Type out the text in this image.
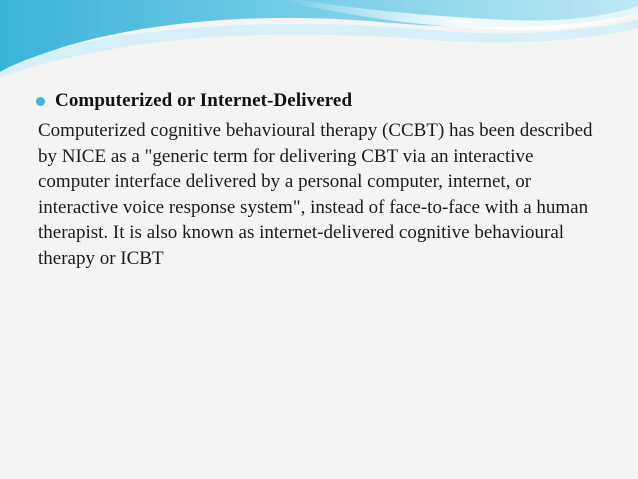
Computerized or Internet-Delivered

Computerized cognitive behavioural therapy (CCBT) has been described by NICE as a "generic term for delivering CBT via an interactive computer interface delivered by a personal computer, internet, or interactive voice response system", instead of face-to-face with a human therapist. It is also known as internet-delivered cognitive behavioural therapy or ICBT
